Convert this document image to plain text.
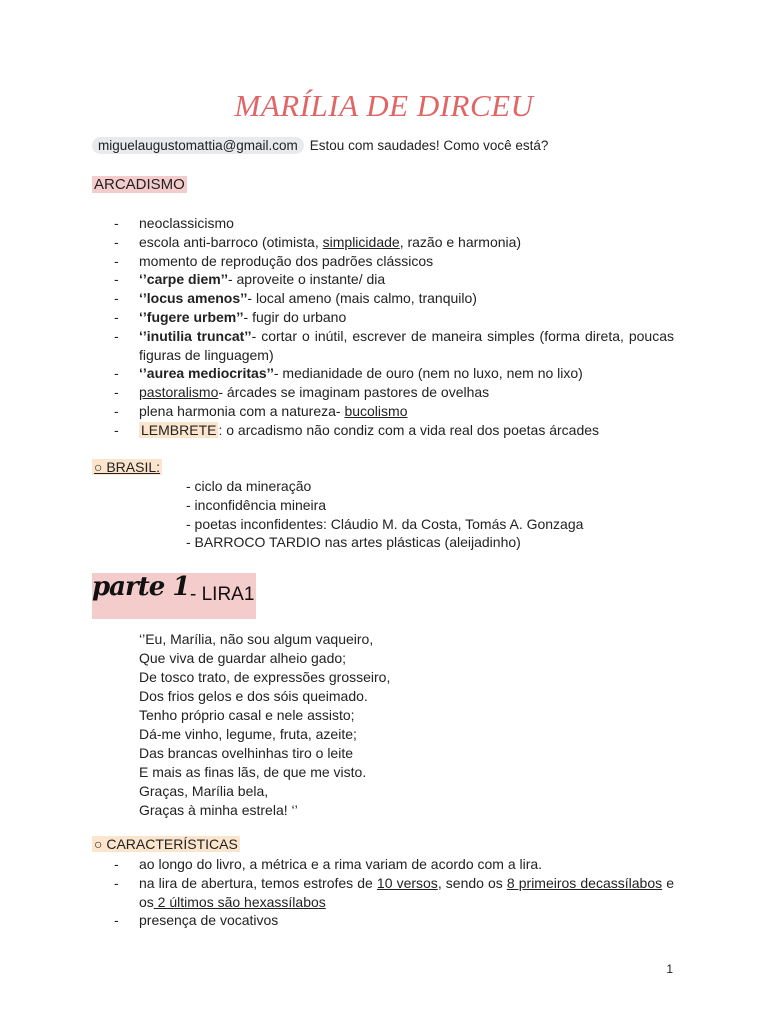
MARÍLIA DE DIRCEU
miguelaugustomattia@gmail.com Estou com saudades! Como você está?
ARCADISMO
- neoclassicismo
- escola anti-barroco (otimista, simplicidade, razão e harmonia)
- momento de reprodução dos padrões clássicos
- ‘’carpe diem’’- aproveite o instante/ dia
- ‘’locus amenos’’- local ameno (mais calmo, tranquilo)
- ‘’fugere urbem’’- fugir do urbano
- ‘’inutilia truncat’’- cortar o inútil, escrever de maneira simples (forma direta, poucas figuras de linguagem)
- ‘’aurea mediocritas’’- medianidade de ouro (nem no luxo, nem no lixo)
- pastoralismo- árcades se imaginam pastores de ovelhas
- plena harmonia com a natureza- bucolismo
- LEMBRETE : o arcadismo não condiz com a vida real dos poetas árcades
○ BRASIL:
- ciclo da mineração
- inconfidência mineira
- poetas inconfidentes: Cláudio M. da Costa, Tomás A. Gonzaga
- BARROCO TARDIO nas artes plásticas (aleijadinho)
parte 1 - LIRA1
‘’Eu, Marília, não sou algum vaqueiro,
Que viva de guardar alheio gado;
De tosco trato, de expressões grosseiro,
Dos frios gelos e dos sóis queimado.
Tenho próprio casal e nele assisto;
Dá-me vinho, legume, fruta, azeite;
Das brancas ovelhinhas tiro o leite
E mais as finas lãs, de que me visto.
Graças, Marília bela,
Graças à minha estrela! ‘’
○ CARACTERÍSTICAS
- ao longo do livro, a métrica e a rima variam de acordo com a lira.
- na lira de abertura, temos estrofes de 10 versos, sendo os 8 primeiros decassílabos e os 2 últimos são hexassílabos
- presença de vocativos
1
